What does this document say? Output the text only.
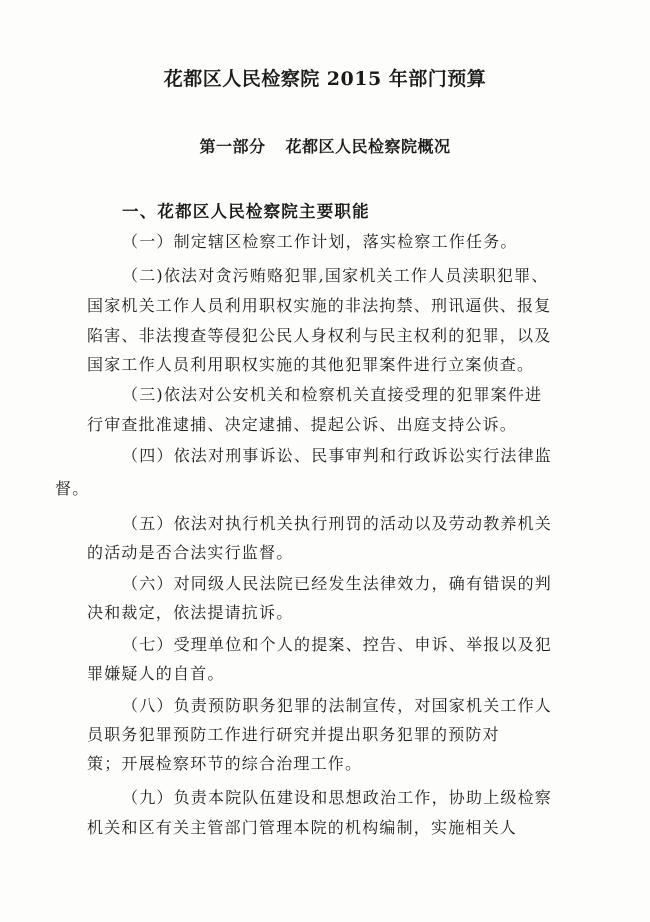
花都区人民检察院 2015 年部门预算
第一部分 花都区人民检察院概况
一、花都区人民检察院主要职能
（一）制定辖区检察工作计划，落实检察工作任务。
（二)依法对贪污贿赂犯罪,国家机关工作人员渎职犯罪、
国家机关工作人员利用职权实施的非法拘禁、刑讯逼供、报复
陷害、非法搜查等侵犯公民人身权利与民主权利的犯罪，以及
国家工作人员利用职权实施的其他犯罪案件进行立案侦查。
（三)依法对公安机关和检察机关直接受理的犯罪案件进
行审查批准逮捕、决定逮捕、提起公诉、出庭支持公诉。
（四）依法对刑事诉讼、民事审判和行政诉讼实行法律监
督。
（五）依法对执行机关执行刑罚的活动以及劳动教养机关
的活动是否合法实行监督。
（六）对同级人民法院已经发生法律效力，确有错误的判
决和裁定，依法提请抗诉。
（七）受理单位和个人的提案、控告、申诉、举报以及犯
罪嫌疑人的自首。
（八）负责预防职务犯罪的法制宣传，对国家机关工作人
员职务犯罪预防工作进行研究并提出职务犯罪的预防对
策；开展检察环节的综合治理工作。
（九）负责本院队伍建设和思想政治工作，协助上级检察
机关和区有关主管部门管理本院的机构编制，实施相关人
